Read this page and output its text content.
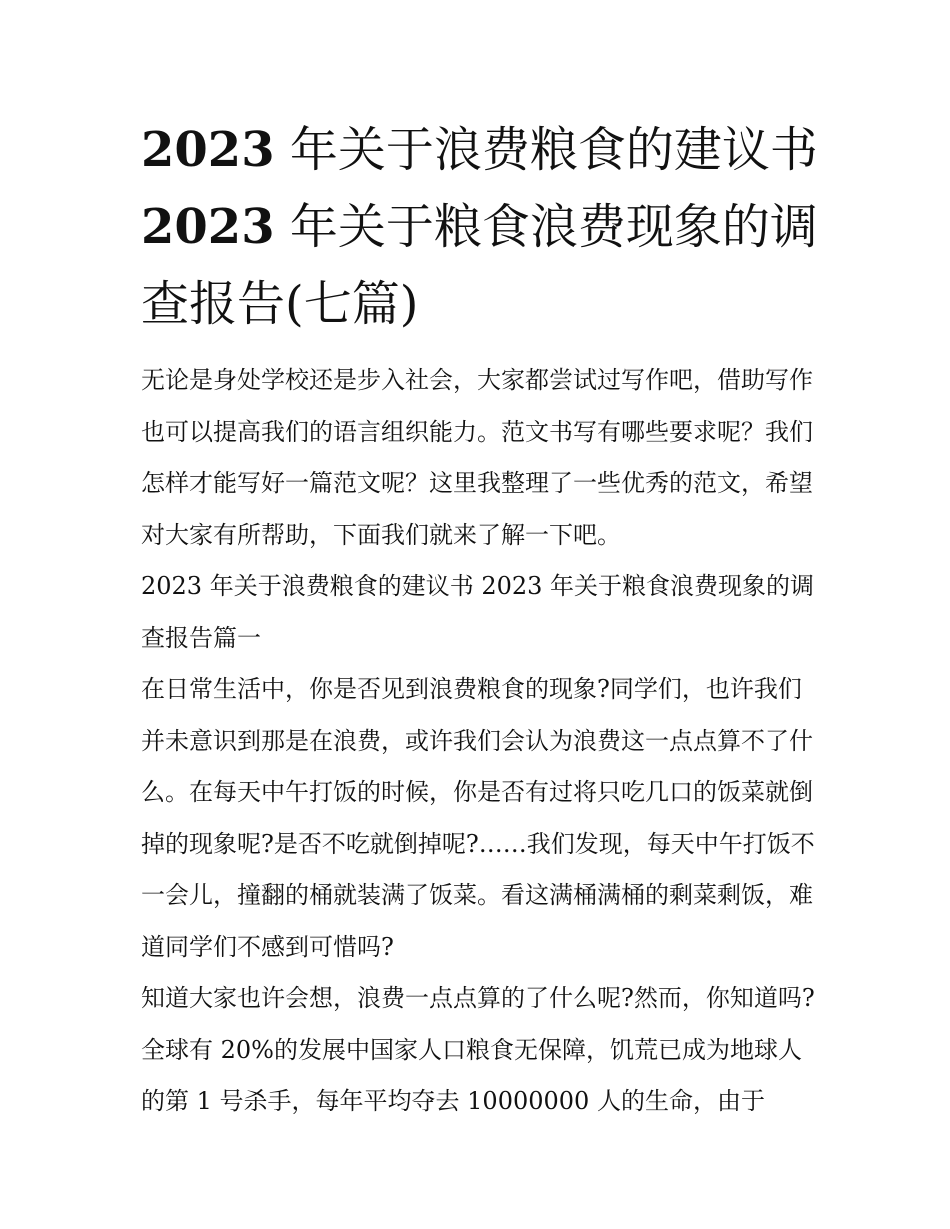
2023 年关于浪费粮食的建议书
2023 年关于粮食浪费现象的调
查报告(七篇)

无论是身处学校还是步入社会，大家都尝试过写作吧，借助写作也可以提高我们的语言组织能力。范文书写有哪些要求呢？我们怎样才能写好一篇范文呢？这里我整理了一些优秀的范文，希望对大家有所帮助，下面我们就来了解一下吧。

2023 年关于浪费粮食的建议书 2023 年关于粮食浪费现象的调查报告篇一

在日常生活中，你是否见到浪费粮食的现象?同学们，也许我们并未意识到那是在浪费，或许我们会认为浪费这一点点算不了什么。在每天中午打饭的时候，你是否有过将只吃几口的饭菜就倒掉的现象呢?是否不吃就倒掉呢?……我们发现，每天中午打饭不一会儿，撞翻的桶就装满了饭菜。看这满桶满桶的剩菜剩饭，难道同学们不感到可惜吗?

知道大家也许会想，浪费一点点算的了什么呢?然而，你知道吗?全球有 20%的发展中国家人口粮食无保障，饥荒已成为地球人的第 1 号杀手，每年平均夺去 10000000 人的生命，由于
